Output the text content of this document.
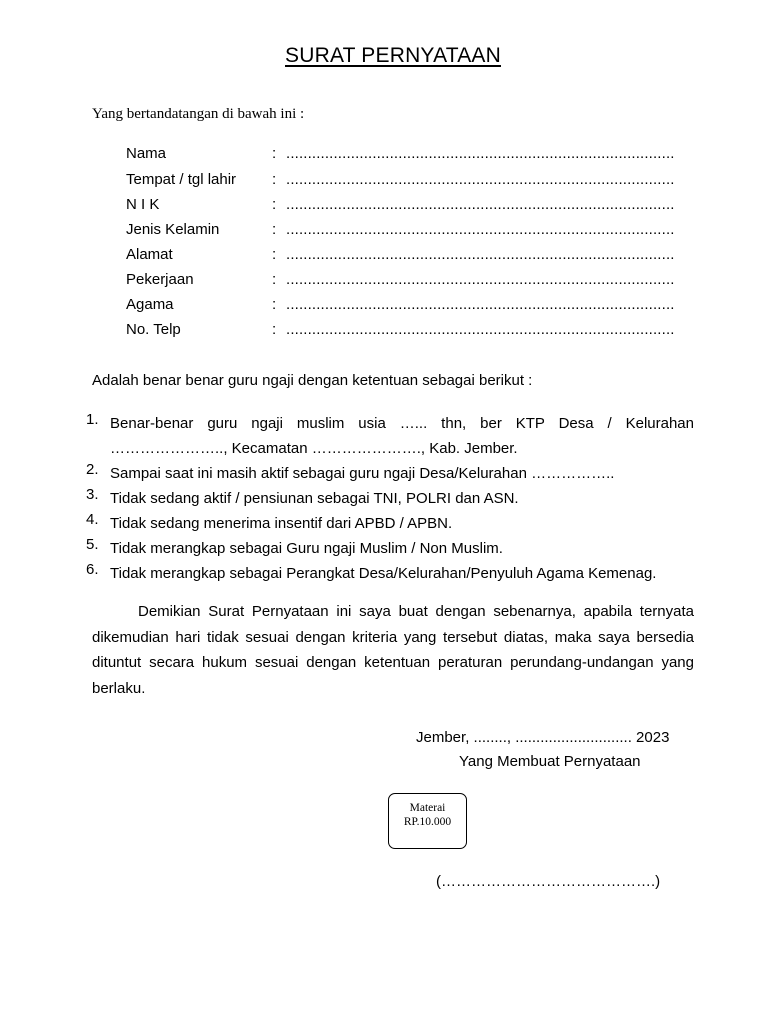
SURAT PERNYATAAN
Yang bertandatangan di bawah ini :
Nama	: ..........................................................................................
Tempat / tgl lahir : ..........................................................................................
N I K	: ..........................................................................................
Jenis Kelamin	: ..........................................................................................
Alamat	: ..........................................................................................
Pekerjaan	: ..........................................................................................
Agama	: ..........................................................................................
No. Telp	: ..........................................................................................
Adalah benar benar guru ngaji dengan ketentuan sebagai berikut :
1. Benar-benar guru ngaji muslim usia …... thn, ber KTP Desa / Kelurahan
………………….., Kecamatan …………………., Kab. Jember.
2. Sampai saat ini masih aktif sebagai guru ngaji Desa/Kelurahan ……………..
3. Tidak sedang aktif / pensiunan sebagai TNI, POLRI dan ASN.
4. Tidak sedang menerima insentif dari APBD / APBN.
5. Tidak merangkap sebagai Guru ngaji Muslim / Non Muslim.
6. Tidak merangkap sebagai Perangkat Desa/Kelurahan/Penyuluh Agama Kemenag.
Demikian Surat Pernyataan ini saya buat dengan sebenarnya, apabila ternyata dikemudian hari tidak sesuai dengan kriteria yang tersebut diatas, maka saya bersedia dituntut secara hukum sesuai dengan ketentuan peraturan perundang-undangan yang berlaku.
Jember, ........, ............................ 2023
Yang Membuat Pernyataan
Materai
RP.10.000
(…………………………………….)
